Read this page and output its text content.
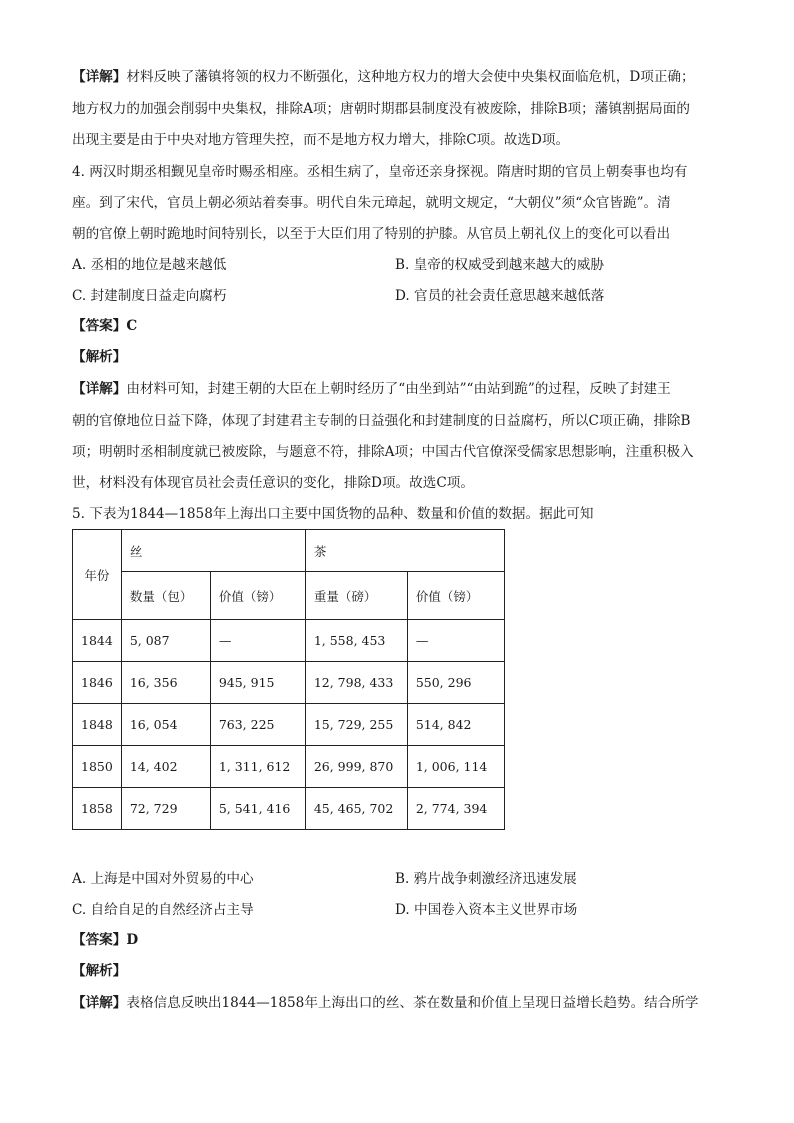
【详解】材料反映了藩镇将领的权力不断强化，这种地方权力的增大会使中央集权面临危机，D项正确；
地方权力的加强会削弱中央集权，排除A项；唐朝时期郡县制度没有被废除，排除B项；藩镇割据局面的
出现主要是由于中央对地方管理失控，而不是地方权力增大，排除C项。故选D项。
4. 两汉时期丞相觐见皇帝时赐丞相座。丞相生病了，皇帝还亲身探视。隋唐时期的官员上朝奏事也均有
座。到了宋代，官员上朝必须站着奏事。明代自朱元璋起，就明文规定，“大朝仪”须“众官皆跪”。清
朝的官僚上朝时跪地时间特别长，以至于大臣们用了特别的护膝。从官员上朝礼仪上的变化可以看出
A. 丞相的地位是越来越低	B. 皇帝的权威受到越来越大的威胁
C. 封建制度日益走向腐朽	D. 官员的社会责任意思越来越低落
【答案】C
【解析】
【详解】由材料可知，封建王朝的大臣在上朝时经历了“由坐到站”“由站到跪”的过程，反映了封建王
朝的官僚地位日益下降，体现了封建君主专制的日益强化和封建制度的日益腐朽，所以C项正确，排除B
项；明朝时丞相制度就已被废除，与题意不符，排除A项；中国古代官僚深受儒家思想影响，注重积极入
世，材料没有体现官员社会责任意识的变化，排除D项。故选C项。
5. 下表为1844—1858年上海出口主要中国货物的品种、数量和价值的数据。据此可知
年份	丝		茶	
	数量（包）	价值（镑）	重量（磅）	价值（镑）
1844	5, 087	—	1, 558, 453	—
1846	16, 356	945, 915	12, 798, 433	550, 296
1848	16, 054	763, 225	15, 729, 255	514, 842
1850	14, 402	1, 311, 612	26, 999, 870	1, 006, 114
1858	72, 729	5, 541, 416	45, 465, 702	2, 774, 394
A. 上海是中国对外贸易的中心	B. 鸦片战争刺激经济迅速发展
C. 自给自足的自然经济占主导	D. 中国卷入资本主义世界市场
【答案】D
【解析】
【详解】表格信息反映出1844—1858年上海出口的丝、茶在数量和价值上呈现日益增长趋势。结合所学
